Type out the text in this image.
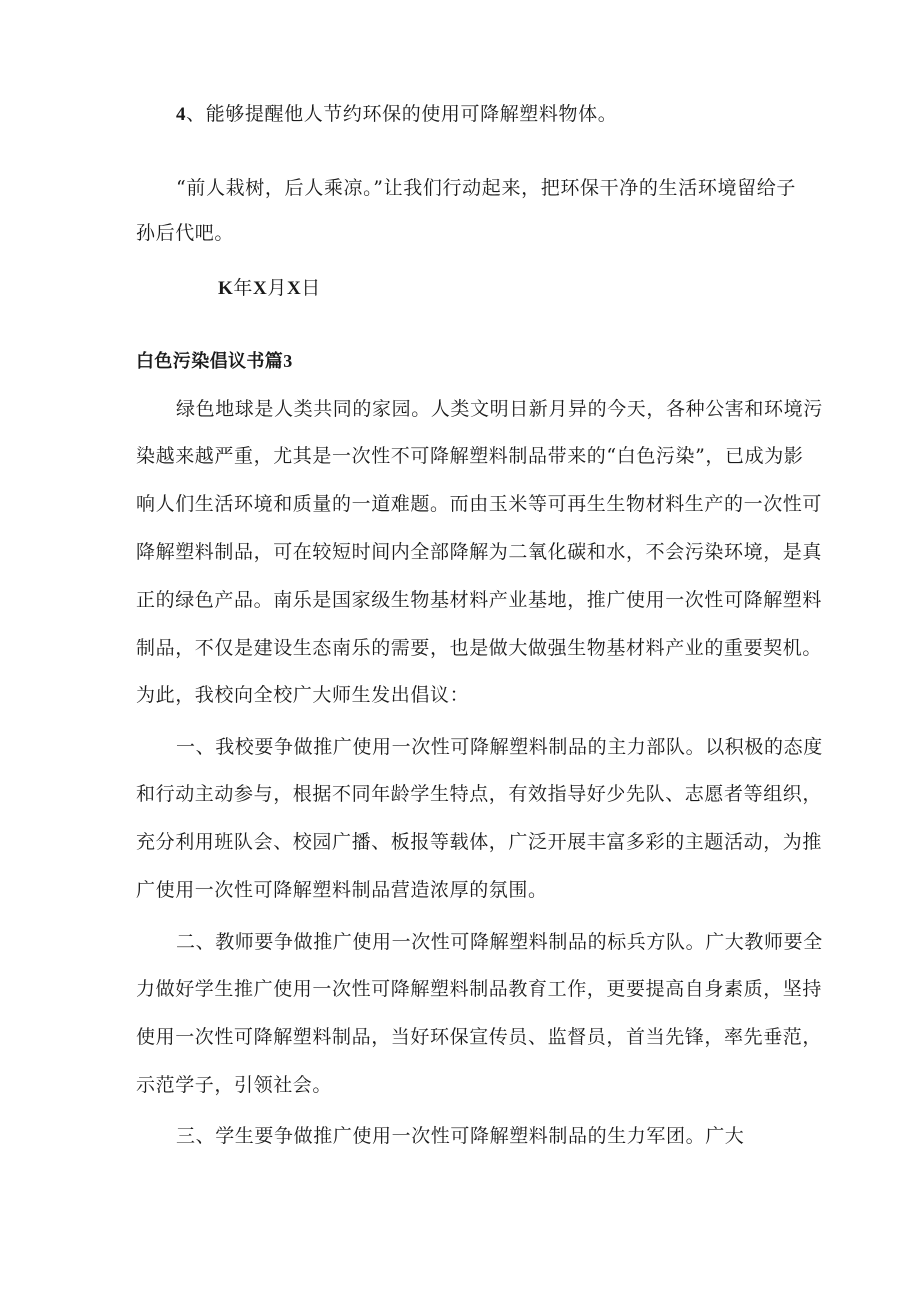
4、能够提醒他人节约环保的使用可降解塑料物体。
“前人栽树，后人乘凉。”让我们行动起来，把环保干净的生活环境留给子
孙后代吧。
K年X月X日
白色污染倡议书篇3
绿色地球是人类共同的家园。人类文明日新月异的今天，各种公害和环境污
染越来越严重，尤其是一次性不可降解塑料制品带来的“白色污染”，已成为影
响人们生活环境和质量的一道难题。而由玉米等可再生生物材料生产的一次性可
降解塑料制品，可在较短时间内全部降解为二氧化碳和水，不会污染环境，是真
正的绿色产品。南乐是国家级生物基材料产业基地，推广使用一次性可降解塑料
制品，不仅是建设生态南乐的需要，也是做大做强生物基材料产业的重要契机。
为此，我校向全校广大师生发出倡议：
一、我校要争做推广使用一次性可降解塑料制品的主力部队。以积极的态度
和行动主动参与，根据不同年龄学生特点，有效指导好少先队、志愿者等组织，
充分利用班队会、校园广播、板报等载体，广泛开展丰富多彩的主题活动，为推
广使用一次性可降解塑料制品营造浓厚的氛围。
二、教师要争做推广使用一次性可降解塑料制品的标兵方队。广大教师要全
力做好学生推广使用一次性可降解塑料制品教育工作，更要提高自身素质，坚持
使用一次性可降解塑料制品，当好环保宣传员、监督员，首当先锋，率先垂范，
示范学子，引领社会。
三、学生要争做推广使用一次性可降解塑料制品的生力军团。广大
